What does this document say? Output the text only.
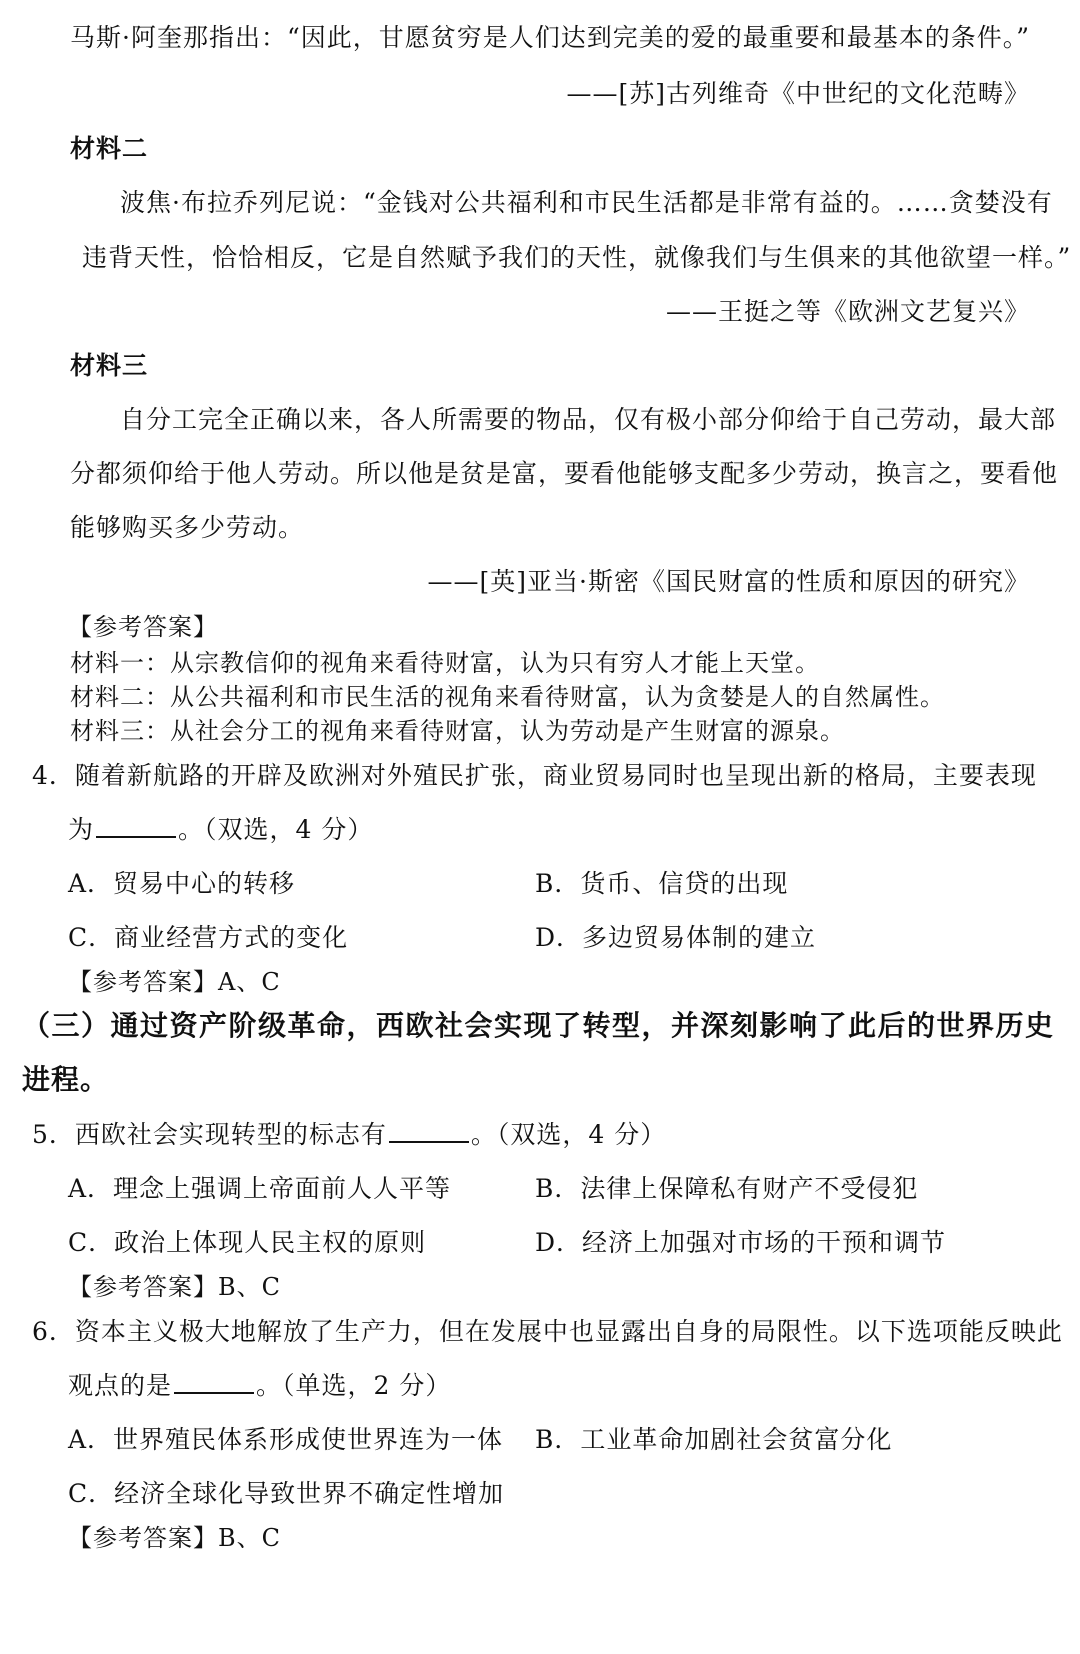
马斯·阿奎那指出：“因此，甘愿贫穷是人们达到完美的爱的最重要和最基本的条件。”
——[苏]古列维奇《中世纪的文化范畴》
材料二
波焦·布拉乔列尼说：“金钱对公共福利和市民生活都是非常有益的。……贪婪没有
违背天性，恰恰相反，它是自然赋予我们的天性，就像我们与生俱来的其他欲望一样。”
——王挺之等《欧洲文艺复兴》
材料三
自分工完全正确以来，各人所需要的物品，仅有极小部分仰给于自己劳动，最大部
分都须仰给于他人劳动。所以他是贫是富，要看他能够支配多少劳动，换言之，要看他
能够购买多少劳动。
——[英]亚当·斯密《国民财富的性质和原因的研究》
【参考答案】
材料一：从宗教信仰的视角来看待财富，认为只有穷人才能上天堂。
材料二：从公共福利和市民生活的视角来看待财富，认为贪婪是人的自然属性。
材料三：从社会分工的视角来看待财富，认为劳动是产生财富的源泉。
4．随着新航路的开辟及欧洲对外殖民扩张，商业贸易同时也呈现出新的格局，主要表现
为	。（双选，4 分）
A．贸易中心的转移	B．货币、信贷的出现
C．商业经营方式的变化	D．多边贸易体制的建立
【参考答案】A、C
（三）通过资产阶级革命，西欧社会实现了转型，并深刻影响了此后的世界历史
进程。
5．西欧社会实现转型的标志有	。（双选，4 分）
A．理念上强调上帝面前人人平等	B．法律上保障私有财产不受侵犯
C．政治上体现人民主权的原则	D．经济上加强对市场的干预和调节
【参考答案】B、C
6．资本主义极大地解放了生产力，但在发展中也显露出自身的局限性。以下选项能反映此
观点的是	。（单选，2 分）
A．世界殖民体系形成使世界连为一体 B．工业革命加剧社会贫富分化
C．经济全球化导致世界不确定性增加
【参考答案】B、C
